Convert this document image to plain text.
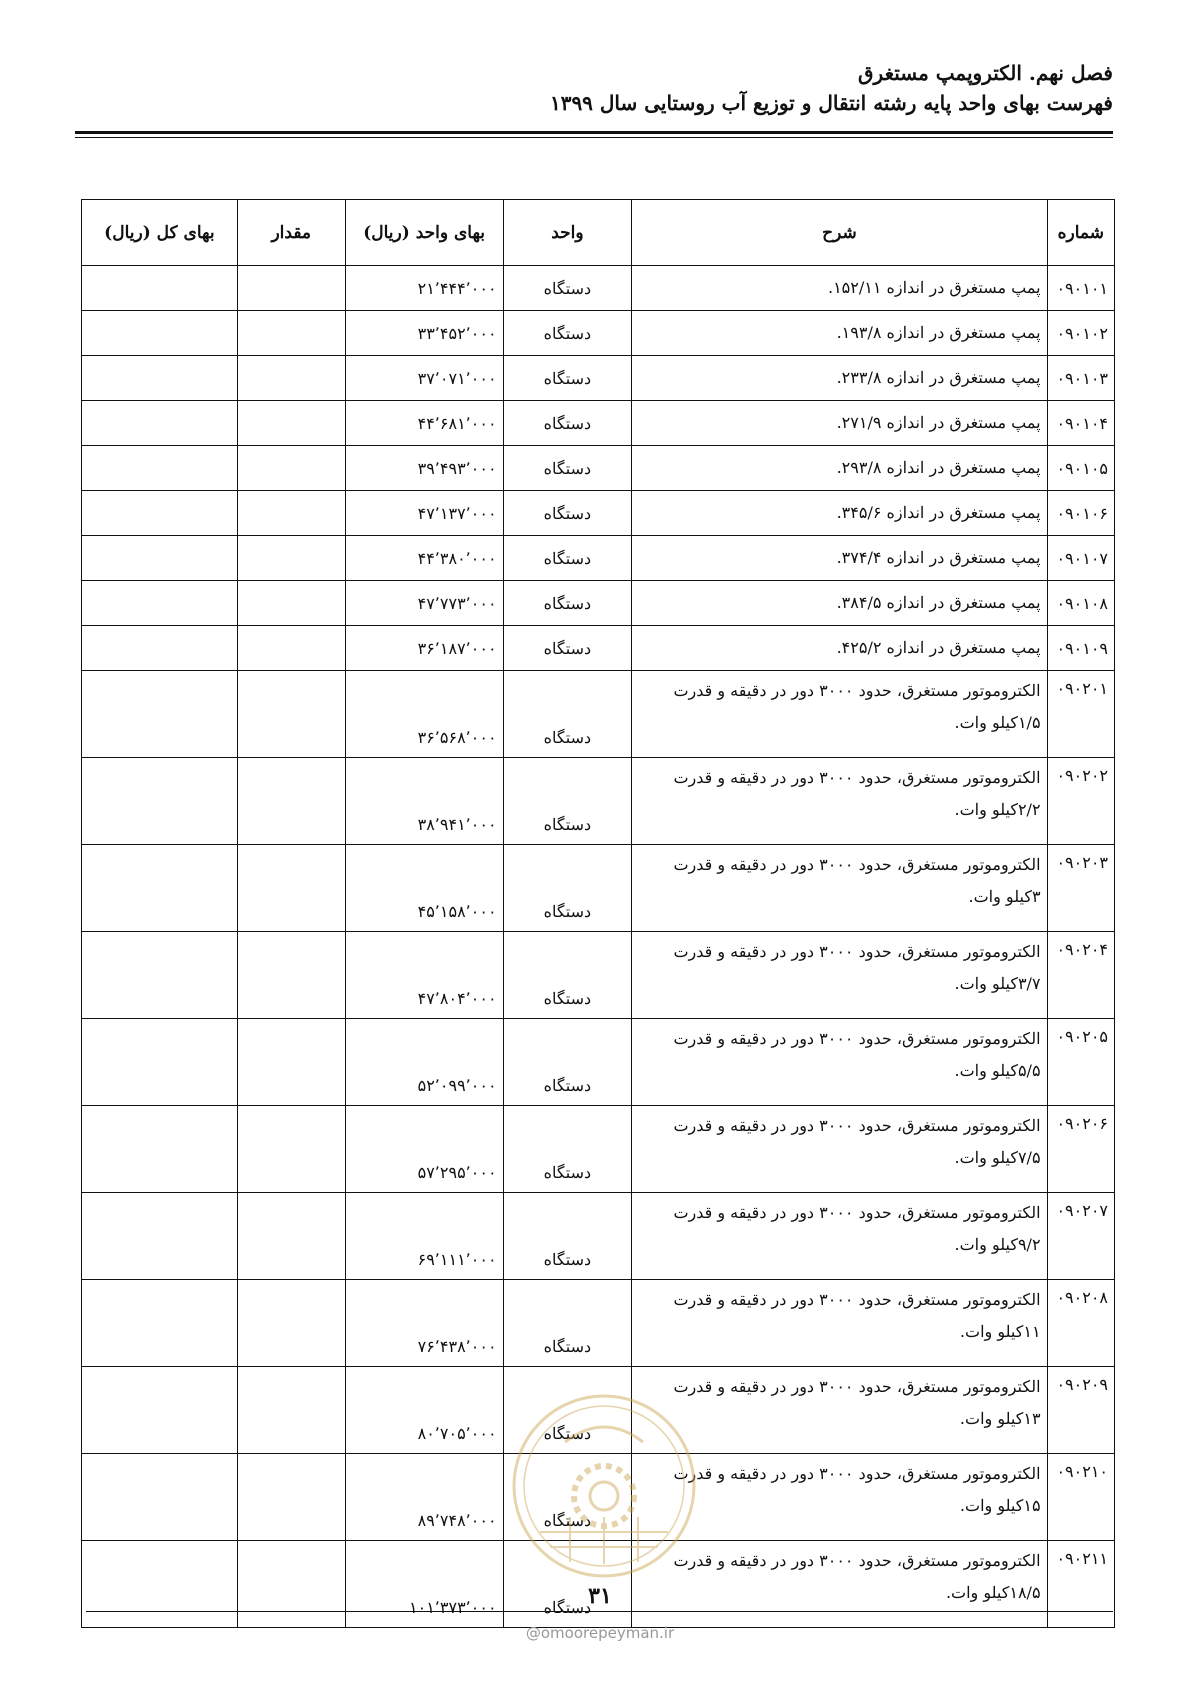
فصل نهم. الکتروپمپ مستغرق
فهرست بهای واحد پایه رشته انتقال و توزیع آب روستایی سال ۱۳۹۹
شماره	شرح	واحد	بهای واحد (ریال)	مقدار	بهای کل (ریال)
۰۹۰۱۰۱	پمپ مستغرق در اندازه ۱۵۲/۱۱.	دستگاه	۲۱٬۴۴۴٬۰۰۰		
۰۹۰۱۰۲	پمپ مستغرق در اندازه ۱۹۳/۸.	دستگاه	۳۳٬۴۵۲٬۰۰۰		
۰۹۰۱۰۳	پمپ مستغرق در اندازه ۲۳۳/۸.	دستگاه	۳۷٬۰۷۱٬۰۰۰		
۰۹۰۱۰۴	پمپ مستغرق در اندازه ۲۷۱/۹.	دستگاه	۴۴٬۶۸۱٬۰۰۰		
۰۹۰۱۰۵	پمپ مستغرق در اندازه ۲۹۳/۸.	دستگاه	۳۹٬۴۹۳٬۰۰۰		
۰۹۰۱۰۶	پمپ مستغرق در اندازه ۳۴۵/۶.	دستگاه	۴۷٬۱۳۷٬۰۰۰		
۰۹۰۱۰۷	پمپ مستغرق در اندازه ۳۷۴/۴.	دستگاه	۴۴٬۳۸۰٬۰۰۰		
۰۹۰۱۰۸	پمپ مستغرق در اندازه ۳۸۴/۵.	دستگاه	۴۷٬۷۷۳٬۰۰۰		
۰۹۰۱۰۹	پمپ مستغرق در اندازه ۴۲۵/۲.	دستگاه	۳۶٬۱۸۷٬۰۰۰		
۰۹۰۲۰۱	الکتروموتور مستغرق، حدود ۳۰۰۰ دور در دقیقه و قدرت ۱/۵کیلو وات.	دستگاه	۳۶٬۵۶۸٬۰۰۰		
۰۹۰۲۰۲	الکتروموتور مستغرق، حدود ۳۰۰۰ دور در دقیقه و قدرت ۲/۲کیلو وات.	دستگاه	۳۸٬۹۴۱٬۰۰۰		
۰۹۰۲۰۳	الکتروموتور مستغرق، حدود ۳۰۰۰ دور در دقیقه و قدرت ۳کیلو وات.	دستگاه	۴۵٬۱۵۸٬۰۰۰		
۰۹۰۲۰۴	الکتروموتور مستغرق، حدود ۳۰۰۰ دور در دقیقه و قدرت ۳/۷کیلو وات.	دستگاه	۴۷٬۸۰۴٬۰۰۰		
۰۹۰۲۰۵	الکتروموتور مستغرق، حدود ۳۰۰۰ دور در دقیقه و قدرت ۵/۵کیلو وات.	دستگاه	۵۲٬۰۹۹٬۰۰۰		
۰۹۰۲۰۶	الکتروموتور مستغرق، حدود ۳۰۰۰ دور در دقیقه و قدرت ۷/۵کیلو وات.	دستگاه	۵۷٬۲۹۵٬۰۰۰		
۰۹۰۲۰۷	الکتروموتور مستغرق، حدود ۳۰۰۰ دور در دقیقه و قدرت ۹/۲کیلو وات.	دستگاه	۶۹٬۱۱۱٬۰۰۰		
۰۹۰۲۰۸	الکتروموتور مستغرق، حدود ۳۰۰۰ دور در دقیقه و قدرت ۱۱کیلو وات.	دستگاه	۷۶٬۴۳۸٬۰۰۰		
۰۹۰۲۰۹	الکتروموتور مستغرق، حدود ۳۰۰۰ دور در دقیقه و قدرت ۱۳کیلو وات.	دستگاه	۸۰٬۷۰۵٬۰۰۰		
۰۹۰۲۱۰	الکتروموتور مستغرق، حدود ۳۰۰۰ دور در دقیقه و قدرت ۱۵کیلو وات.	دستگاه	۸۹٬۷۴۸٬۰۰۰		
۰۹۰۲۱۱	الکتروموتور مستغرق، حدود ۳۰۰۰ دور در دقیقه و قدرت ۱۸/۵کیلو وات.	دستگاه	۱۰۱٬۳۷۳٬۰۰۰			۳۱
@omoorepeyman.ir
